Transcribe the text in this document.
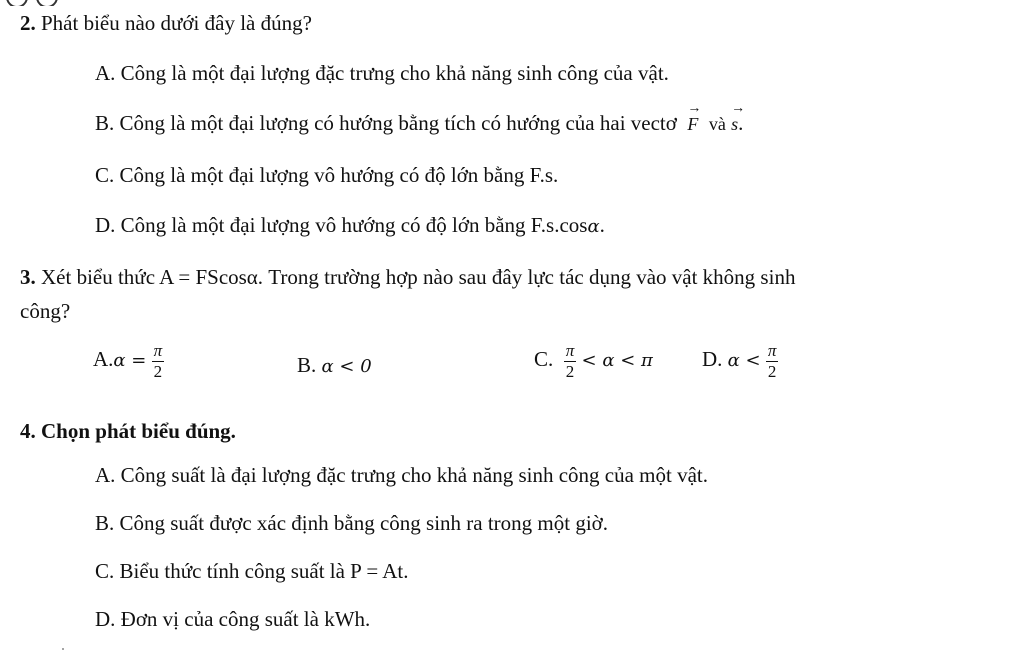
2. Phát biểu nào dưới đây là đúng?
A. Công là một đại lượng đặc trưng cho khả năng sinh công của vật.
B. Công là một đại lượng có hướng bằng tích có hướng của hai vectơ → F và → s.
C. Công là một đại lượng vô hướng có độ lớn bằng F.s.
D. Công là một đại lượng vô hướng có độ lớn bằng F.s.cosα.
3. Xét biểu thức A = FScosα. Trong trường hợp nào sau đây lực tác dụng vào vật không sinh
công?
$A.\alpha = \frac{\pi}{2}$	B. α < 0	C. $\frac{\pi}{2} < \alpha < \pi$ D. $\alpha < \frac{\pi}{2}$
4. Chọn phát biểu đúng.
A. Công suất là đại lượng đặc trưng cho khả năng sinh công của một vật.
B. Công suất được xác định bằng công sinh ra trong một giờ.
C. Biểu thức tính công suất là P = At.
D. Đơn vị của công suất là kWh.
